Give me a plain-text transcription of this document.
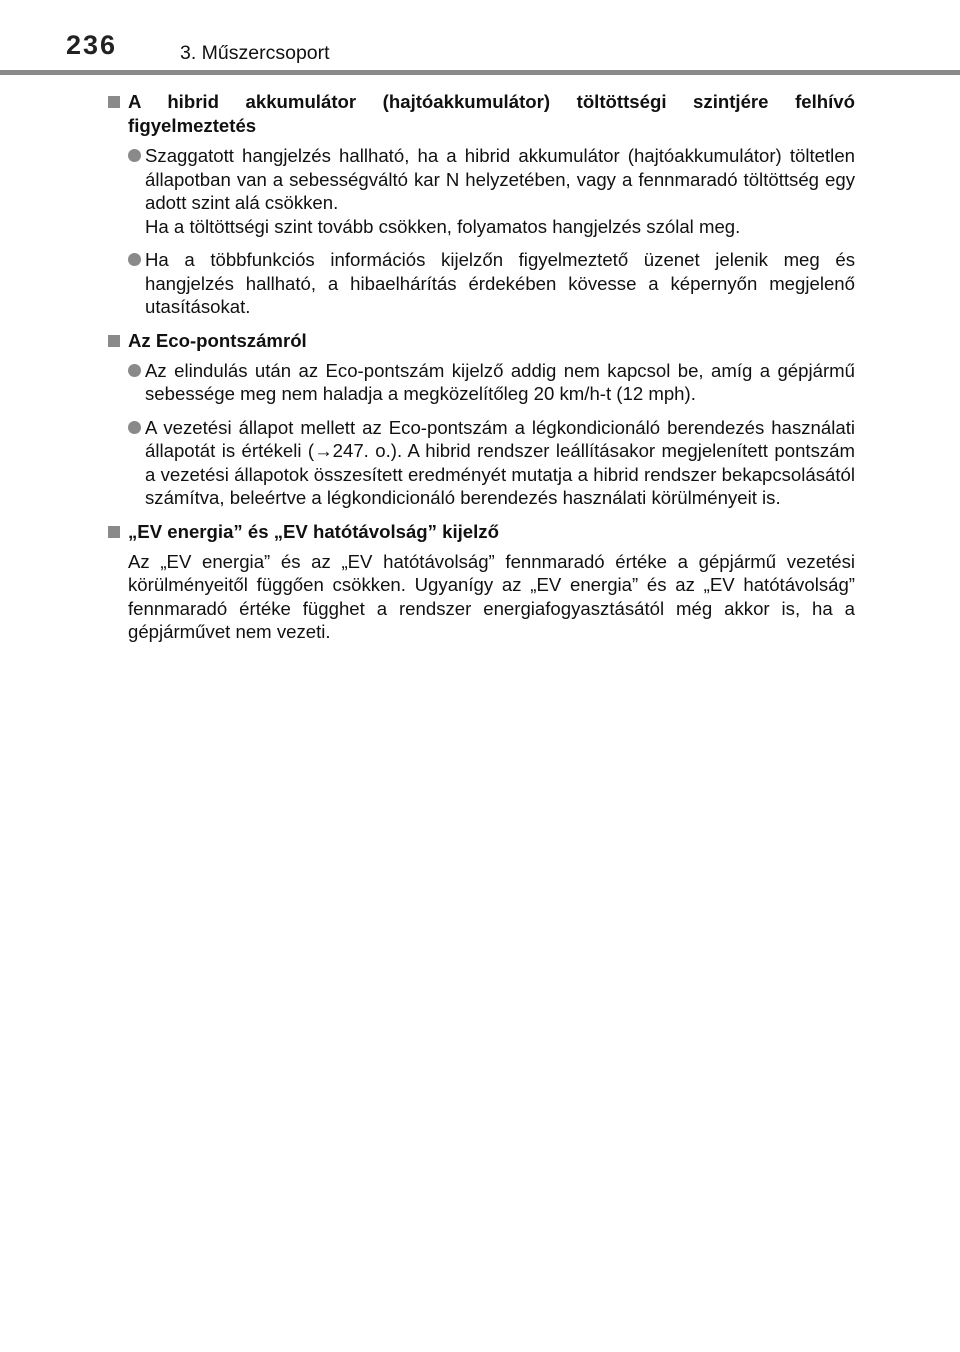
236	3. Műszercsoport
A hibrid akkumulátor (hajtóakkumulátor) töltöttségi szintjére felhívó figyelmeztetés
Szaggatott hangjelzés hallható, ha a hibrid akkumulátor (hajtóakkumulátor) töltetlen állapotban van a sebességváltó kar N helyzetében, vagy a fennmaradó töltöttség egy adott szint alá csökken.
Ha a töltöttségi szint tovább csökken, folyamatos hangjelzés szólal meg.
Ha a többfunkciós információs kijelzőn figyelmeztető üzenet jelenik meg és hangjelzés hallható, a hibaelhárítás érdekében kövesse a képernyőn megjelenő utasításokat.
Az Eco-pontszámról
Az elindulás után az Eco-pontszám kijelző addig nem kapcsol be, amíg a gépjármű sebessége meg nem haladja a megközelítőleg 20 km/h-t (12 mph).
A vezetési állapot mellett az Eco-pontszám a légkondicionáló berendezés használati állapotát is értékeli (→247. o.). A hibrid rendszer leállításakor megjelenített pontszám a vezetési állapotok összesített eredményét mutatja a hibrid rendszer bekapcsolásától számítva, beleértve a légkondicionáló berendezés használati körülményeit is.
„EV energia” és „EV hatótávolság” kijelző
Az „EV energia” és az „EV hatótávolság” fennmaradó értéke a gépjármű vezetési körülményeitől függően csökken. Ugyanígy az „EV energia” és az „EV hatótávolság” fennmaradó értéke függhet a rendszer energiafogyasztásától még akkor is, ha a gépjárművet nem vezeti.
